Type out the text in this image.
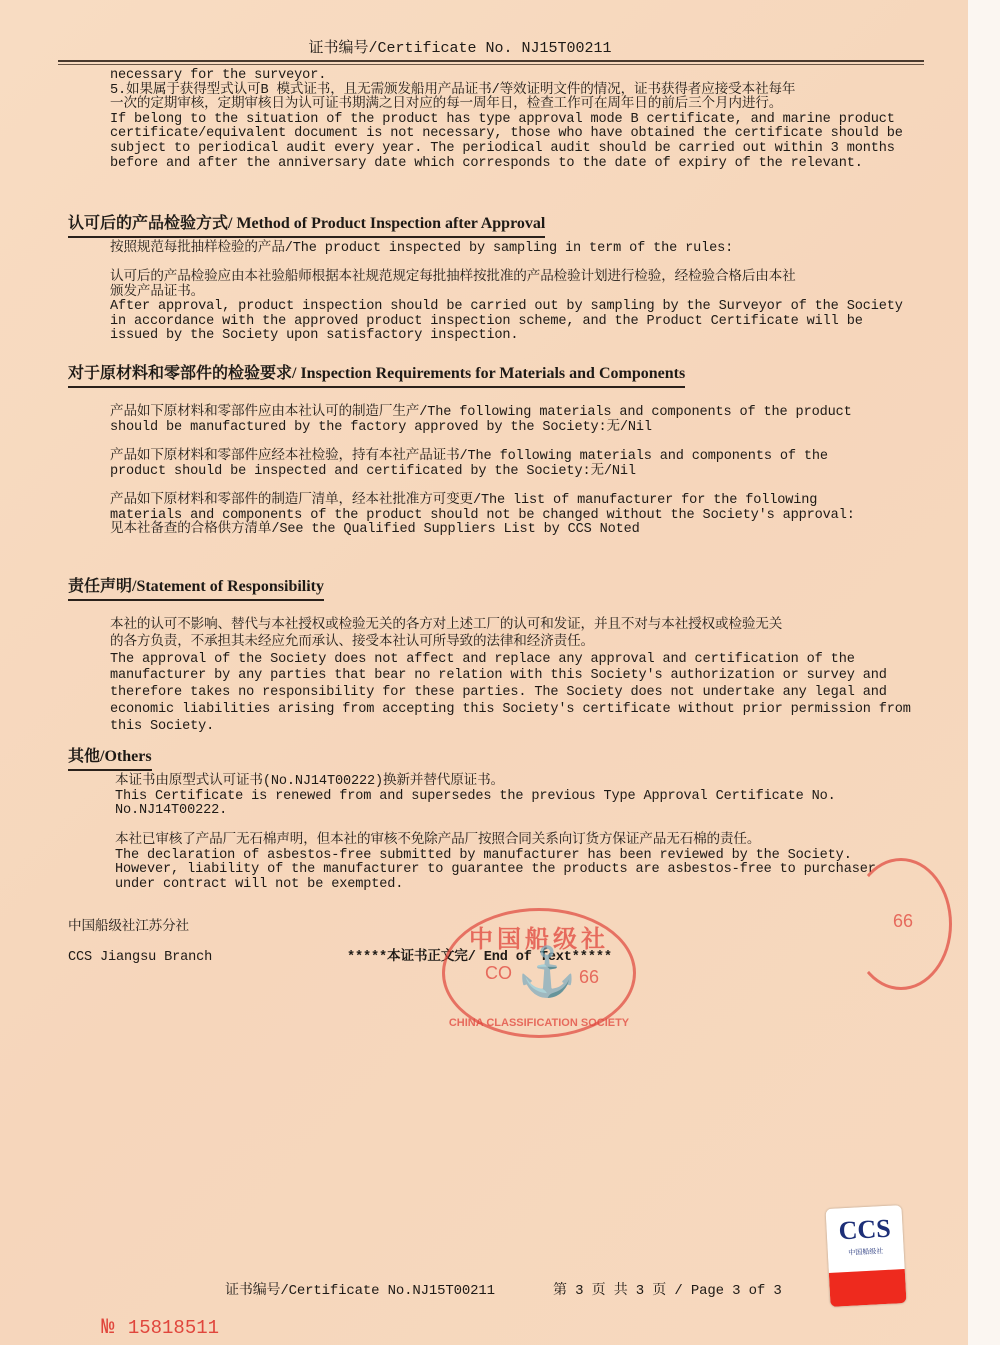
证书编号/Certificate No. NJ15T00211
necessary for the surveyor.
5.如果属于获得型式认可B 模式证书，且无需颁发船用产品证书/等效证明文件的情况，证书获得者应接受本社每年
一次的定期审核，定期审核日为认可证书期满之日对应的每一周年日，检查工作可在周年日的前后三个月内进行。
If belong to the situation of the product has type approval mode B certificate, and marine product
certificate/equivalent document is not necessary, those who have obtained the certificate should be
subject to periodical audit every year. The periodical audit should be carried out within 3 months
before and after the anniversary date which corresponds to the date of expiry of the relevant.
按照规范每批抽样检验的产品/The product inspected by sampling in term of the rules:
认可后的产品检验应由本社验船师根据本社规范规定每批抽样按批准的产品检验计划进行检验，经检验合格后由本社
颁发产品证书。
After approval, product inspection should be carried out by sampling by the Surveyor of the Society
in accordance with the approved product inspection scheme, and the Product Certificate will be
issued by the Society upon satisfactory inspection.
产品如下原材料和零部件应由本社认可的制造厂生产/The following materials and components of the product
should be manufactured by the factory approved by the Society:无/Nil
产品如下原材料和零部件应经本社检验，持有本社产品证书/The following materials and components of the
product should be inspected and certificated by the Society:无/Nil
产品如下原材料和零部件的制造厂清单，经本社批准方可变更/The list of manufacturer for the following
materials and components of the product should not be changed without the Society's approval:
见本社备查的合格供方清单/See the Qualified Suppliers List by CCS Noted
本社的认可不影响、替代与本社授权或检验无关的各方对上述工厂的认可和发证，并且不对与本社授权或检验无关
的各方负责，不承担其未经应允而承认、接受本社认可所导致的法律和经济责任。
The approval of the Society does not affect and replace any approval and certification of the
manufacturer by any parties that bear no relation with this Society's authorization or survey and
therefore takes no responsibility for these parties. The Society does not undertake any legal and
economic liabilities arising from accepting this Society's certificate without prior permission from
this Society.
本证书由原型式认可证书(No.NJ14T00222)换新并替代原证书。
This Certificate is renewed from and supersedes the previous Type Approval Certificate No.
No.NJ14T00222.
本社已审核了产品厂无石棉声明，但本社的审核不免除产品厂按照合同关系向订货方保证产品无石棉的责任。
The declaration of asbestos-free submitted by manufacturer has been reviewed by the Society.
However, liability of the manufacturer to guarantee the products are asbestos-free to purchaser
under contract will not be exempted.
认可后的产品检验方式/ Method of Product Inspection after Approval
对于原材料和零部件的检验要求/ Inspection Requirements for Materials and Components
责任声明/Statement of Responsibility
其他/Others
中国船级社江苏分社
CCS Jiangsu Branch	*****本证书正文完/ End of Text*****
中国船级社
CO	66
⚓
CHINA CLASSIFICATION SOCIETY
66

№ 15818511

证书编号/Certificate No.NJ15T00211	第 3 页 共 3 页 / Page 3 of 3
CCS
中国船级社
